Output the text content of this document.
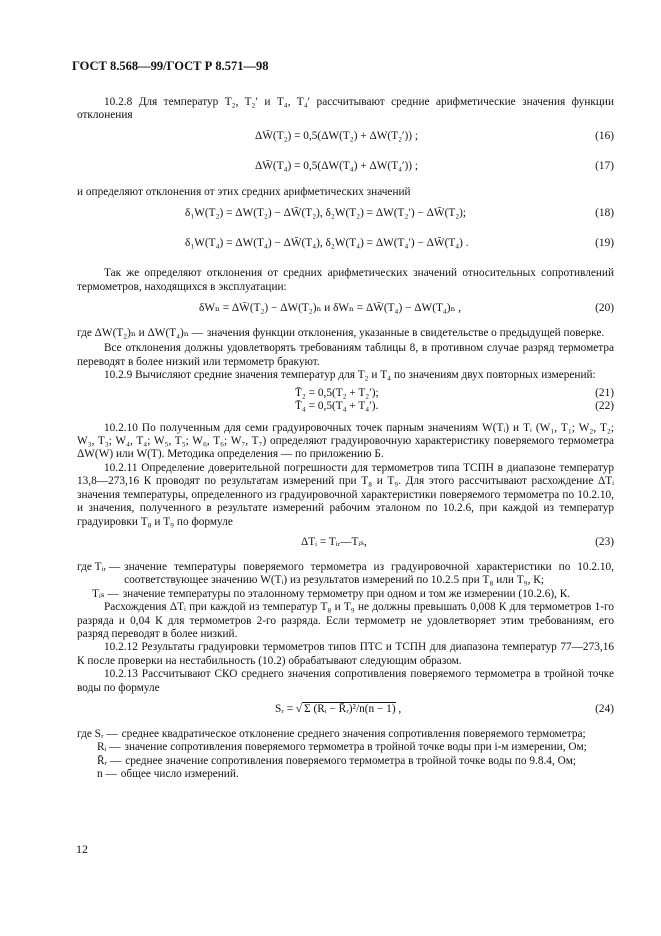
ГОСТ 8.568—99/ГОСТ Р 8.571—98

10.2.8 Для температур T₂, T₂′ и T₄, T₄′ рассчитывают средние арифметические значения функции отклонения

ΔW̄(T₂) = 0,5(ΔW(T₂) + ΔW(T₂′)) ;	(16)
ΔW̄(T₄) = 0,5(ΔW(T₄) + ΔW(T₄′)) ;	(17)

и определяют отклонения от этих средних арифметических значений

δ₁W(T₂) = ΔW(T₂) − ΔW̄(T₂), δ₂W(T₂) = ΔW(T₂′) − ΔW̄(T₂);	(18)
δ₁W(T₄) = ΔW(T₄) − ΔW̄(T₄), δ₂W(T₄) = ΔW(T₄′) − ΔW̄(T₄) .	(19)

Так же определяют отклонения от средних арифметических значений относительных сопротивлений термометров, находящихся в эксплуатации:

δWₙ = ΔW̄(T₂) − ΔW(T₂)ₙ и δWₙ = ΔW̄(T₄) − ΔW(T₄)ₙ ,	(20)
где ΔW(T₂)ₙ и ΔW(T₄)ₙ — значения функции отклонения, указанные в свидетельстве о предыдущей поверке.

Все отклонения должны удовлетворять требованиям таблицы 8, в противном случае разряд термометра переводят в более низкий или термометр бракуют.

10.2.9 Вычисляют средние значения температур для T₂ и T₄ по значениям двух повторных измерений:

T̄₂ = 0,5(T₂ + T₂′);	(21)
T̄₄ = 0,5(T₄ + T₄′).	(22)

10.2.10 По полученным для семи градуировочных точек парным значениям W(Tᵢ) и Tᵢ (W₁, T₁; W₂, T₂; W₃, T₃; W₄, T₄; W₅, T₅; W₆, T₆; W₇, T₇) определяют градуировочную характеристику поверяемого термометра ΔW(W) или W(T). Методика определения — по приложению Б.

10.2.11 Определение доверительной погрешности для термометров типа ТСПН в диапазоне температур 13,8—273,16 К проводят по результатам измерений при T₈ и T₉. Для этого рассчитывают расхождение ΔTᵢ значения температуры, определенного из градуировочной характеристики поверяемого термометра по 10.2.10, и значения, полученного в результате измерений рабочим эталоном по 10.2.6, при каждой из температур градуировки T₈ и T₉ по формуле

ΔTᵢ = Tᵢᵣ—Tᵢₛ,	(23)
где Tᵢᵣ — значение температуры поверяемого термометра из градуировочной характеристики по 10.2.10, соответствующее значению W(Tᵢ) из результатов измерений по 10.2.5 при T₈ или T₉, К;
Tᵢₛ — значение температуры по эталонному термометру при одном и том же измерении (10.2.6), К.

Расхождения ΔTᵢ при каждой из температур T₈ и T₉ не должны превышать 0,008 К для термометров 1-го разряда и 0,04 К для термометров 2-го разряда. Если термометр не удовлетворяет этим требованиям, его разряд переводят в более низкий.

10.2.12 Результаты градуировки термометров типов ПТС и ТСПН для диапазона температур 77—273,16 К после проверки на нестабильность (10.2) обрабатывают следующим образом.

10.2.13 Рассчитывают СКО среднего значения сопротивления поверяемого термометра в тройной точке воды по формуле

Sᵣ = √ Σ (Rᵢ − R̄ᵣ)²/n(n − 1) ,	(24)
где Sᵣ — среднее квадратическое отклонение среднего значения сопротивления поверяемого термометра;
Rᵢ — значение сопротивления поверяемого термометра в тройной точке воды при i-м измерении, Ом;
R̄ᵣ — среднее значение сопротивления поверяемого термометра в тройной точке воды по 9.8.4, Ом;
n — общее число измерений.
12
